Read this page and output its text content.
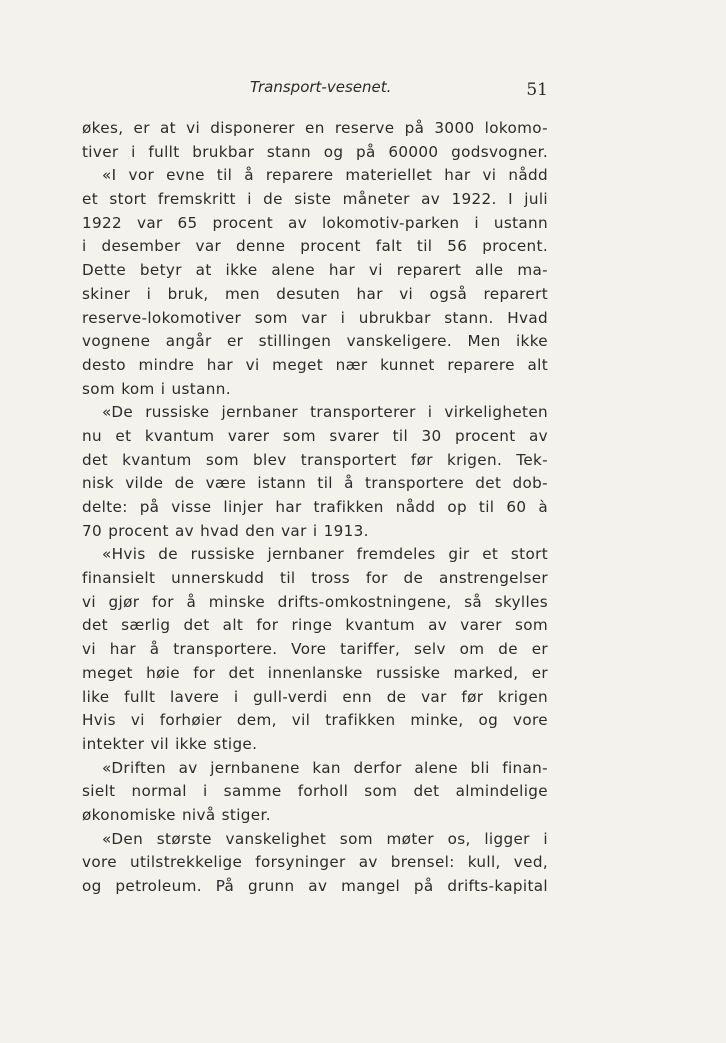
Transport-vesenet.	51
økes, er at vi disponerer en reserve på 3000 lokomo-
tiver i fullt brukbar stann og på 60000 godsvogner.
«I vor evne til å reparere materiellet har vi nådd
et stort fremskritt i de siste måneter av 1922. I juli
1922 var 65 procent av lokomotiv-parken i ustann
i desember var denne procent falt til 56 procent.
Dette betyr at ikke alene har vi reparert alle ma-
skiner i bruk, men desuten har vi også reparert
reserve-lokomotiver som var i ubrukbar stann. Hvad
vognene angår er stillingen vanskeligere. Men ikke
desto mindre har vi meget nær kunnet reparere alt
som kom i ustann.
«De russiske jernbaner transporterer i virkeligheten
nu et kvantum varer som svarer til 30 procent av
det kvantum som blev transportert før krigen. Tek-
nisk vilde de være istann til å transportere det dob-
delte: på visse linjer har trafikken nådd op til 60 à
70 procent av hvad den var i 1913.
«Hvis de russiske jernbaner fremdeles gir et stort
finansielt unnerskudd til tross for de anstrengelser
vi gjør for å minske drifts-omkostningene, så skylles
det særlig det alt for ringe kvantum av varer som
vi har å transportere. Vore tariffer, selv om de er
meget høie for det innenlanske russiske marked, er
like fullt lavere i gull-verdi enn de var før krigen
Hvis vi forhøier dem, vil trafikken minke, og vore
intekter vil ikke stige.
«Driften av jernbanene kan derfor alene bli finan-
sielt normal i samme forholl som det almindelige
økonomiske nivå stiger.
«Den største vanskelighet som møter os, ligger i
vore utilstrekkelige forsyninger av brensel: kull, ved,
og petroleum. På grunn av mangel på drifts-kapital
